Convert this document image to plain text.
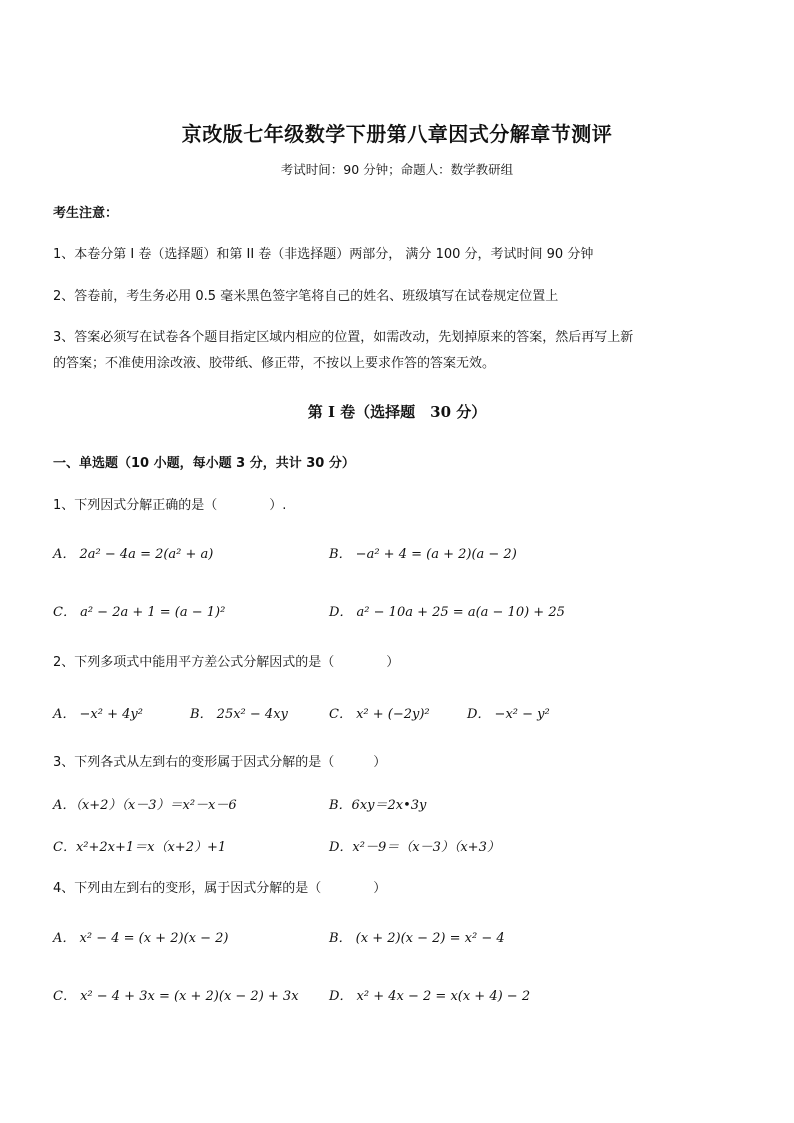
京改版七年级数学下册第八章因式分解章节测评
考试时间：90 分钟；命题人：数学教研组
考生注意：
1、本卷分第 I 卷（选择题）和第 II 卷（非选择题）两部分， 满分 100 分，考试时间 90 分钟
2、答卷前，考生务必用 0.5 毫米黑色签字笔将自己的姓名、班级填写在试卷规定位置上
3、答案必须写在试卷各个题目指定区域内相应的位置，如需改动，先划掉原来的答案，然后再写上新
的答案；不准使用涂改液、胶带纸、修正带，不按以上要求作答的答案无效。
第 I 卷（选择题　30 分）
一、单选题（10 小题，每小题 3 分，共计 30 分）
1、下列因式分解正确的是（　　　　）.
A． 2a² − 4a = 2(a² + a)	B． −a² + 4 = (a + 2)(a − 2)
C． a² − 2a + 1 = (a − 1)²	D． a² − 10a + 25 = a(a − 10) + 25
2、下列多项式中能用平方差公式分解因式的是（　　　　）
A． −x² + 4y²	B． 25x² − 4xy	C． x² + (−2y)²	D． −x² − y²
3、下列各式从左到右的变形属于因式分解的是（　　　）
A．（x+2）（x－3）＝x²－x－6	B．6xy＝2x•3y
C．x²+2x+1＝x（x+2）+1	D．x²－9＝（x－3）（x+3）
4、下列由左到右的变形，属于因式分解的是（　　　　）
A． x² − 4 = (x + 2)(x − 2)	B． (x + 2)(x − 2) = x² − 4
C． x² − 4 + 3x = (x + 2)(x − 2) + 3x D． x² + 4x − 2 = x(x + 4) − 2
